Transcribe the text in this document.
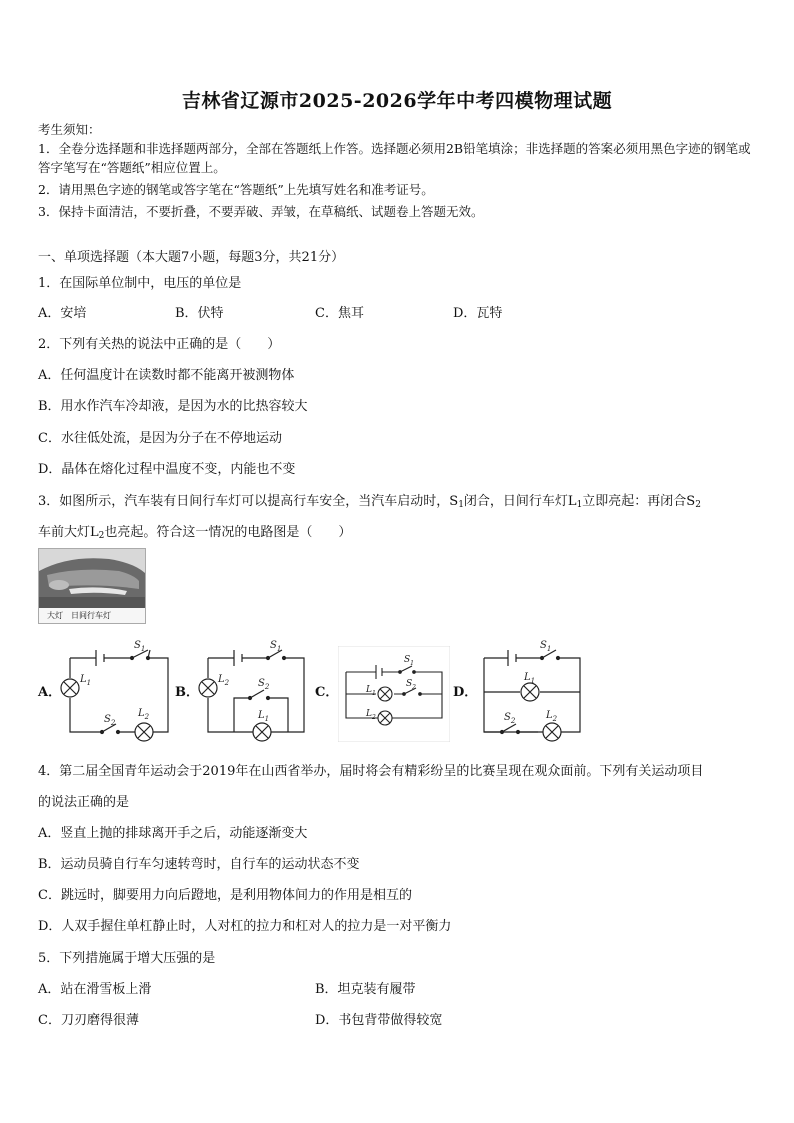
吉林省辽源市2025-2026学年中考四模物理试题
考生须知：
1．全卷分选择题和非选择题两部分，全部在答题纸上作答。选择题必须用2B铅笔填涂；非选择题的答案必须用黑色字迹的钢笔或答字笔写在“答题纸”相应位置上。
2．请用黑色字迹的钢笔或答字笔在“答题纸”上先填写姓名和准考证号。
3．保持卡面清洁，不要折叠，不要弄破、弄皱，在草稿纸、试题卷上答题无效。
一、单项选择题（本大题7小题，每题3分，共21分）
1．在国际单位制中，电压的单位是
A．安培	B．伏特	C．焦耳	D．瓦特
2．下列有关热的说法中正确的是（　　）
A．任何温度计在读数时都不能离开被测物体
B．用水作汽车冷却液，是因为水的比热容较大
C．水往低处流，是因为分子在不停地运动
D．晶体在熔化过程中温度不变，内能也不变
3．如图所示，汽车装有日间行车灯可以提高行车安全，当汽车启动时，$S_1$闭合，日间行车灯$L_1$立即亮起：再闭合$S_2$
车前大灯$L_2$也亮起。符合这一情况的电路图是（　　）
大灯　日间行车灯
A．	B．	C．	D．
$S_1$
$L_1$
$S_2$
$L_2$
$S_1$
$L_2$	$S_2$
$L_1$
$S_1$
$L_1$
$S_2$
$L_2$
$S_1$
$L_1$
$S_2$	$L_2$
4．第二届全国青年运动会于2019年在山西省举办，届时将会有精彩纷呈的比赛呈现在观众面前。下列有关运动项目
的说法正确的是
A．竖直上抛的排球离开手之后，动能逐渐变大
B．运动员骑自行车匀速转弯时，自行车的运动状态不变
C．跳远时，脚要用力向后蹬地，是利用物体间力的作用是相互的
D．人双手握住单杠静止时，人对杠的拉力和杠对人的拉力是一对平衡力
5．下列措施属于增大压强的是
A．站在滑雪板上滑	B．坦克装有履带
C．刀刃磨得很薄	D．书包背带做得较宽
